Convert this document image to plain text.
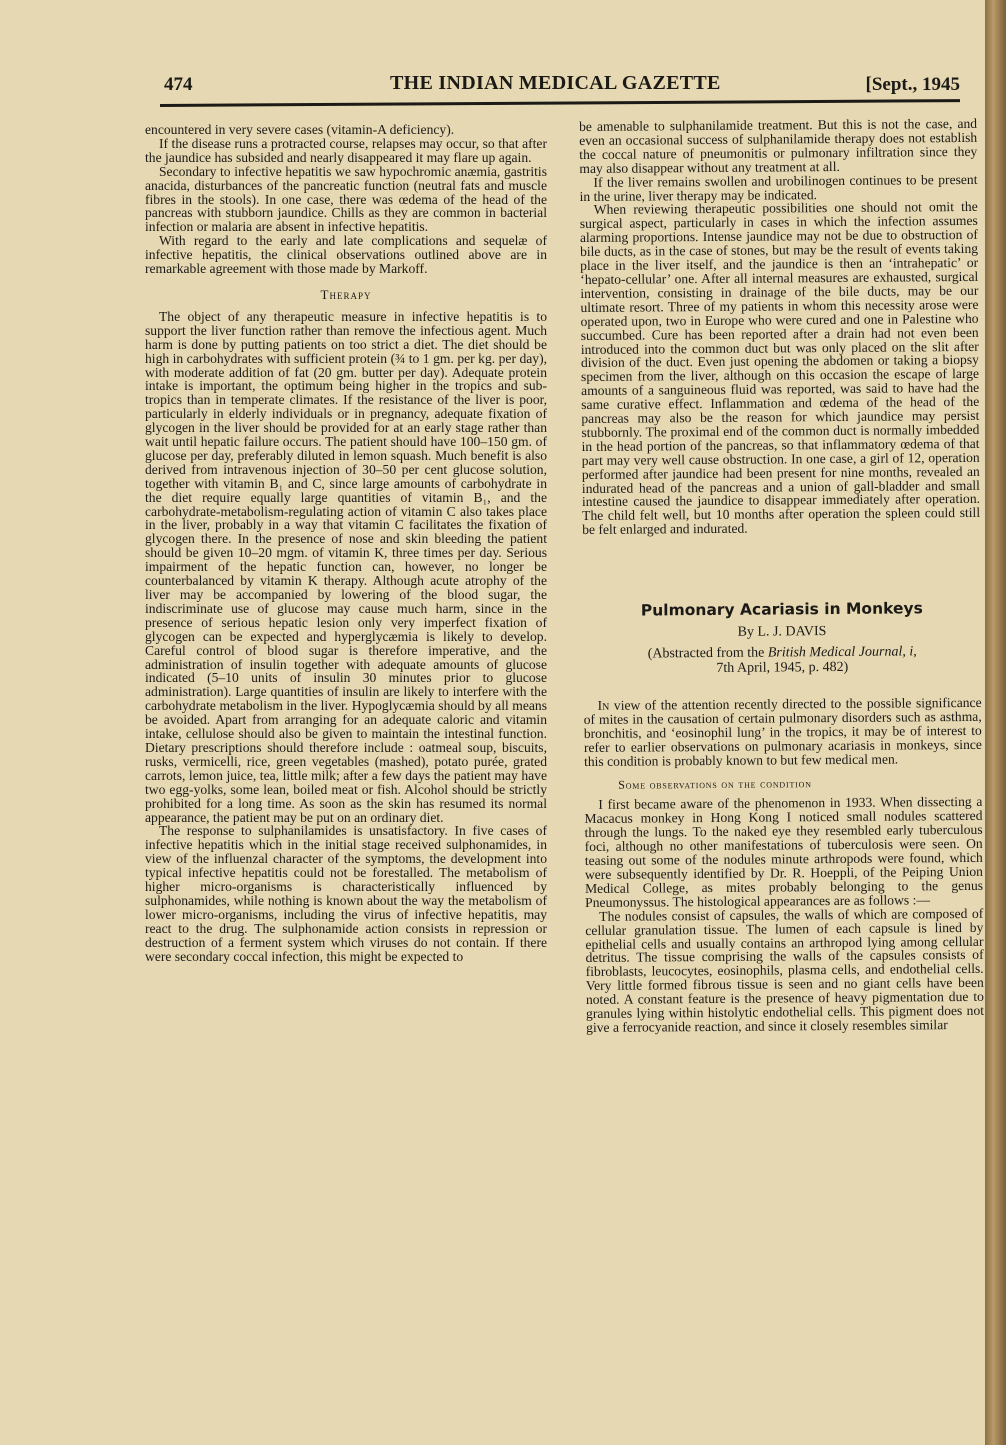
474	THE INDIAN MEDICAL GAZETTE	[Sept., 1945

encountered in very severe cases (vitamin-A deficiency).

If the disease runs a protracted course, relapses may occur, so that after the jaundice has subsided and nearly disappeared it may flare up again.

Secondary to infective hepatitis we saw hypochromic anæmia, gastritis anacida, disturbances of the pancreatic function (neutral fats and muscle fibres in the stools). In one case, there was œdema of the head of the pancreas with stubborn jaundice. Chills as they are common in bacterial infection or malaria are absent in infective hepatitis.

With regard to the early and late complications and sequelæ of infective hepatitis, the clinical observations outlined above are in remarkable agreement with those made by Markoff.

Therapy

The object of any therapeutic measure in infective hepatitis is to support the liver function rather than remove the infectious agent. Much harm is done by putting patients on too strict a diet. The diet should be high in carbohydrates with sufficient protein (¾ to 1 gm. per kg. per day), with moderate addition of fat (20 gm. butter per day). Adequate protein intake is important, the optimum being higher in the tropics and sub-tropics than in temperate climates. If the resistance of the liver is poor, particularly in elderly individuals or in pregnancy, adequate fixation of glycogen in the liver should be provided for at an early stage rather than wait until hepatic failure occurs. The patient should have 100–150 gm. of glucose per day, preferably diluted in lemon squash. Much benefit is also derived from intravenous injection of 30–50 per cent glucose solution, together with vitamin B₁ and C, since large amounts of carbohydrate in the diet require equally large quantities of vitamin B₁, and the carbohydrate-metabolism-regulating action of vitamin C also takes place in the liver, probably in a way that vitamin C facilitates the fixation of glycogen there. In the presence of nose and skin bleeding the patient should be given 10–20 mgm. of vitamin K, three times per day. Serious impairment of the hepatic function can, however, no longer be counterbalanced by vitamin K therapy. Although acute atrophy of the liver may be accompanied by lowering of the blood sugar, the indiscriminate use of glucose may cause much harm, since in the presence of serious hepatic lesion only very imperfect fixation of glycogen can be expected and hyperglycæmia is likely to develop. Careful control of blood sugar is therefore imperative, and the administration of insulin together with adequate amounts of glucose indicated (5–10 units of insulin 30 minutes prior to glucose administration). Large quantities of insulin are likely to interfere with the carbohydrate metabolism in the liver. Hypoglycæmia should by all means be avoided. Apart from arranging for an adequate caloric and vitamin intake, cellulose should also be given to maintain the intestinal function. Dietary prescriptions should therefore include : oatmeal soup, biscuits, rusks, vermicelli, rice, green vegetables (mashed), potato purée, grated carrots, lemon juice, tea, little milk; after a few days the patient may have two egg-yolks, some lean, boiled meat or fish. Alcohol should be strictly prohibited for a long time. As soon as the skin has resumed its normal appearance, the patient may be put on an ordinary diet.

The response to sulphanilamides is unsatisfactory. In five cases of infective hepatitis which in the initial stage received sulphonamides, in view of the influenzal character of the symptoms, the development into typical infective hepatitis could not be forestalled. The metabolism of higher micro-organisms is characteristically influenced by sulphonamides, while nothing is known about the way the metabolism of lower micro-organisms, including the virus of infective hepatitis, may react to the drug. The sulphonamide action consists in repression or destruction of a ferment system which viruses do not contain. If there were secondary coccal infection, this might be expected to

be amenable to sulphanilamide treatment. But this is not the case, and even an occasional success of sulphanilamide therapy does not establish the coccal nature of pneumonitis or pulmonary infiltration since they may also disappear without any treatment at all.

If the liver remains swollen and urobilinogen continues to be present in the urine, liver therapy may be indicated.

When reviewing therapeutic possibilities one should not omit the surgical aspect, particularly in cases in which the infection assumes alarming proportions. Intense jaundice may not be due to obstruction of bile ducts, as in the case of stones, but may be the result of events taking place in the liver itself, and the jaundice is then an ‘intrahepatic’ or ‘hepato-cellular’ one. After all internal measures are exhausted, surgical intervention, consisting in drainage of the bile ducts, may be our ultimate resort. Three of my patients in whom this necessity arose were operated upon, two in Europe who were cured and one in Palestine who succumbed. Cure has been reported after a drain had not even been introduced into the common duct but was only placed on the slit after division of the duct. Even just opening the abdomen or taking a biopsy specimen from the liver, although on this occasion the escape of large amounts of a sanguineous fluid was reported, was said to have had the same curative effect. Inflammation and œdema of the head of the pancreas may also be the reason for which jaundice may persist stubbornly. The proximal end of the common duct is normally imbedded in the head portion of the pancreas, so that inflammatory œdema of that part may very well cause obstruction. In one case, a girl of 12, operation performed after jaundice had been present for nine months, revealed an indurated head of the pancreas and a union of gall-bladder and small intestine caused the jaundice to disappear immediately after operation. The child felt well, but 10 months after operation the spleen could still be felt enlarged and indurated.

Pulmonary Acariasis in Monkeys
By L. J. DAVIS
(Abstracted from the British Medical Journal, i,
7th April, 1945, p. 482)

In view of the attention recently directed to the possible significance of mites in the causation of certain pulmonary disorders such as asthma, bronchitis, and ‘eosinophil lung’ in the tropics, it may be of interest to refer to earlier observations on pulmonary acariasis in monkeys, since this condition is probably known to but few medical men.

Some observations on the condition

I first became aware of the phenomenon in 1933. When dissecting a Macacus monkey in Hong Kong I noticed small nodules scattered through the lungs. To the naked eye they resembled early tuberculous foci, although no other manifestations of tuberculosis were seen. On teasing out some of the nodules minute arthropods were found, which were subsequently identified by Dr. R. Hoeppli, of the Peiping Union Medical College, as mites probably belonging to the genus Pneumonyssus. The histological appearances are as follows :—

The nodules consist of capsules, the walls of which are composed of cellular granulation tissue. The lumen of each capsule is lined by epithelial cells and usually contains an arthropod lying among cellular detritus. The tissue comprising the walls of the capsules consists of fibroblasts, leucocytes, eosinophils, plasma cells, and endothelial cells. Very little formed fibrous tissue is seen and no giant cells have been noted. A constant feature is the presence of heavy pigmentation due to granules lying within histolytic endothelial cells. This pigment does not give a ferrocyanide reaction, and since it closely resembles similar
